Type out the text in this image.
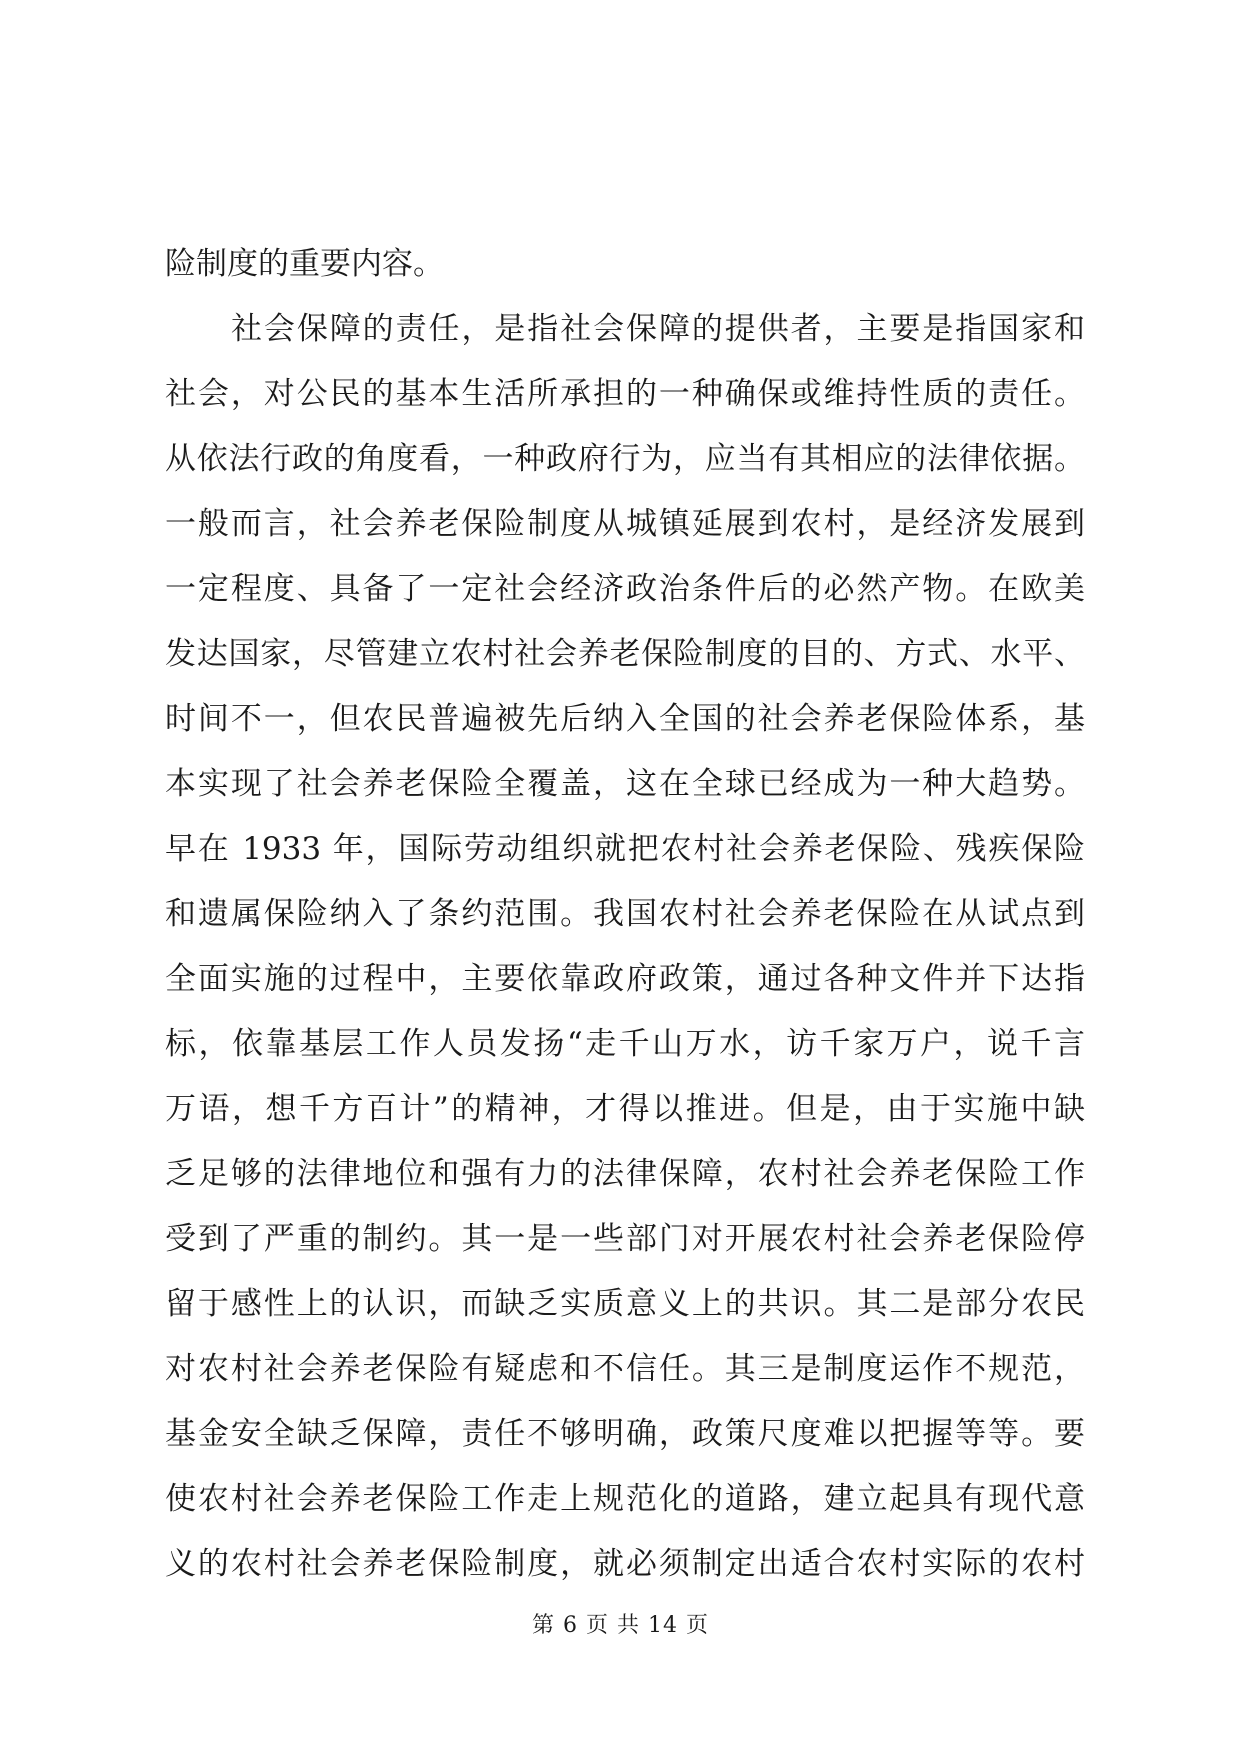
险制度的重要内容。
社会保障的责任，是指社会保障的提供者，主要是指国家和
社会，对公民的基本生活所承担的一种确保或维持性质的责任。
从依法行政的角度看，一种政府行为，应当有其相应的法律依据。
一般而言，社会养老保险制度从城镇延展到农村，是经济发展到
一定程度、具备了一定社会经济政治条件后的必然产物。在欧美
发达国家，尽管建立农村社会养老保险制度的目的、方式、水平、
时间不一，但农民普遍被先后纳入全国的社会养老保险体系，基
本实现了社会养老保险全覆盖，这在全球已经成为一种大趋势。
早在 1933 年，国际劳动组织就把农村社会养老保险、残疾保险
和遗属保险纳入了条约范围。我国农村社会养老保险在从试点到
全面实施的过程中，主要依靠政府政策，通过各种文件并下达指
标，依靠基层工作人员发扬“走千山万水，访千家万户，说千言
万语，想千方百计”的精神，才得以推进。但是，由于实施中缺
乏足够的法律地位和强有力的法律保障，农村社会养老保险工作
受到了严重的制约。其一是一些部门对开展农村社会养老保险停
留于感性上的认识，而缺乏实质意义上的共识。其二是部分农民
对农村社会养老保险有疑虑和不信任。其三是制度运作不规范，
基金安全缺乏保障，责任不够明确，政策尺度难以把握等等。要
使农村社会养老保险工作走上规范化的道路，建立起具有现代意
义的农村社会养老保险制度，就必须制定出适合农村实际的农村
第 6 页 共 14 页
